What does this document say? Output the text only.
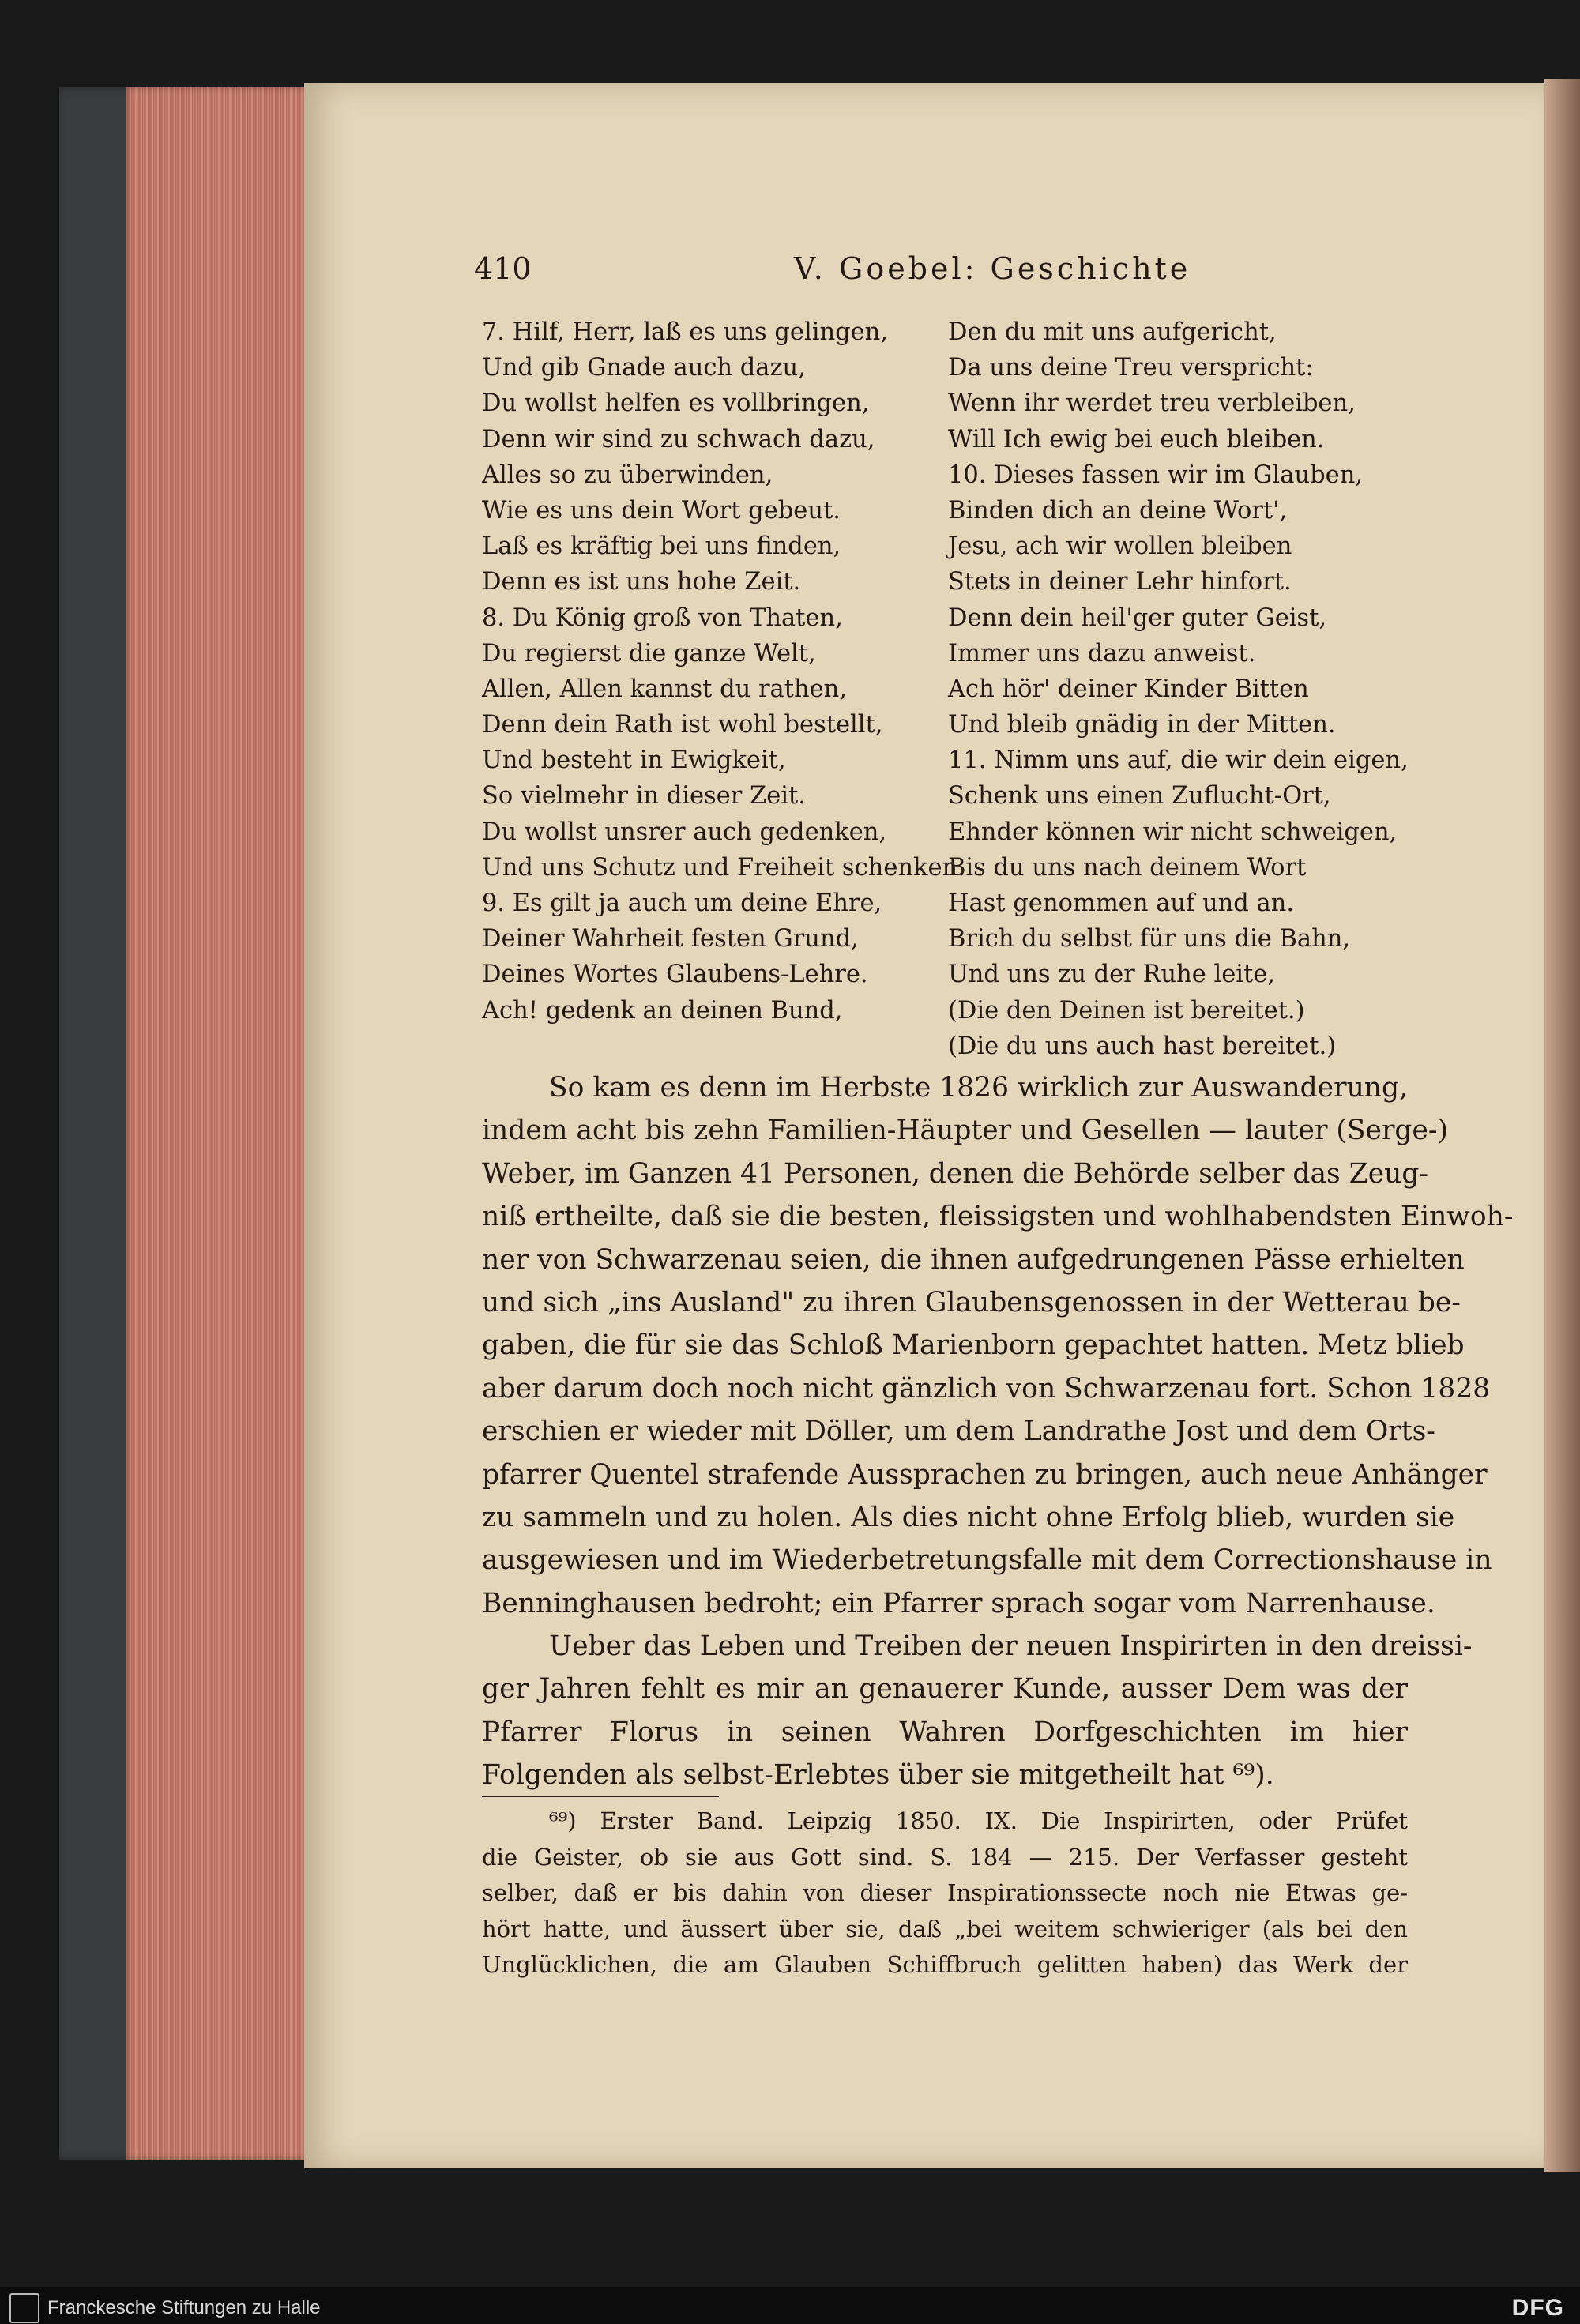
410	V. Goebel: Geschichte
7. Hilf, Herr, laß es uns gelingen,
Und gib Gnade auch dazu,
Du wollst helfen es vollbringen,
Denn wir sind zu schwach dazu,
Alles so zu überwinden,
Wie es uns dein Wort gebeut.
Laß es kräftig bei uns finden,
Denn es ist uns hohe Zeit.
8. Du König groß von Thaten,
Du regierst die ganze Welt,
Allen, Allen kannst du rathen,
Denn dein Rath ist wohl bestellt,
Und besteht in Ewigkeit,
So vielmehr in dieser Zeit.
Du wollst unsrer auch gedenken,
Und uns Schutz und Freiheit schenken.
9. Es gilt ja auch um deine Ehre,
Deiner Wahrheit festen Grund,
Deines Wortes Glaubens-Lehre.
Ach! gedenk an deinen Bund,
Den du mit uns aufgericht,
Da uns deine Treu verspricht:
Wenn ihr werdet treu verbleiben,
Will Ich ewig bei euch bleiben.
10. Dieses fassen wir im Glauben,
Binden dich an deine Wort',
Jesu, ach wir wollen bleiben
Stets in deiner Lehr hinfort.
Denn dein heil'ger guter Geist,
Immer uns dazu anweist.
Ach hör' deiner Kinder Bitten
Und bleib gnädig in der Mitten.
11. Nimm uns auf, die wir dein eigen,
Schenk uns einen Zuflucht-Ort,
Ehnder können wir nicht schweigen,
Bis du uns nach deinem Wort
Hast genommen auf und an.
Brich du selbst für uns die Bahn,
Und uns zu der Ruhe leite,
(Die den Deinen ist bereitet.)
(Die du uns auch hast bereitet.)
So kam es denn im Herbste 1826 wirklich zur Auswanderung,
indem acht bis zehn Familien-Häupter und Gesellen — lauter (Serge-)
Weber, im Ganzen 41 Personen, denen die Behörde selber das Zeug-
niß ertheilte, daß sie die besten, fleissigsten und wohlhabendsten Einwoh-
ner von Schwarzenau seien, die ihnen aufgedrungenen Pässe erhielten
und sich „ins Ausland" zu ihren Glaubensgenossen in der Wetterau be-
gaben, die für sie das Schloß Marienborn gepachtet hatten. Metz blieb
aber darum doch noch nicht gänzlich von Schwarzenau fort. Schon 1828
erschien er wieder mit Döller, um dem Landrathe Jost und dem Orts-
pfarrer Quentel strafende Aussprachen zu bringen, auch neue Anhänger
zu sammeln und zu holen. Als dies nicht ohne Erfolg blieb, wurden sie
ausgewiesen und im Wiederbetretungsfalle mit dem Correctionshause in
Benninghausen bedroht; ein Pfarrer sprach sogar vom Narrenhause.
Ueber das Leben und Treiben der neuen Inspirirten in den dreissi-
ger Jahren fehlt es mir an genauerer Kunde, ausser Dem was der
Pfarrer Florus in seinen Wahren Dorfgeschichten im hier
Folgenden als selbst-Erlebtes über sie mitgetheilt hat ⁶⁹).
⁶⁹) Erster Band. Leipzig 1850. IX. Die Inspirirten, oder Prüfet
die Geister, ob sie aus Gott sind. S. 184 — 215. Der Verfasser gesteht
selber, daß er bis dahin von dieser Inspirationssecte noch nie Etwas ge-
hört hatte, und äussert über sie, daß „bei weitem schwieriger (als bei den
Unglücklichen, die am Glauben Schiffbruch gelitten haben) das Werk der
Franckesche Stiftungen zu Halle	DFG
